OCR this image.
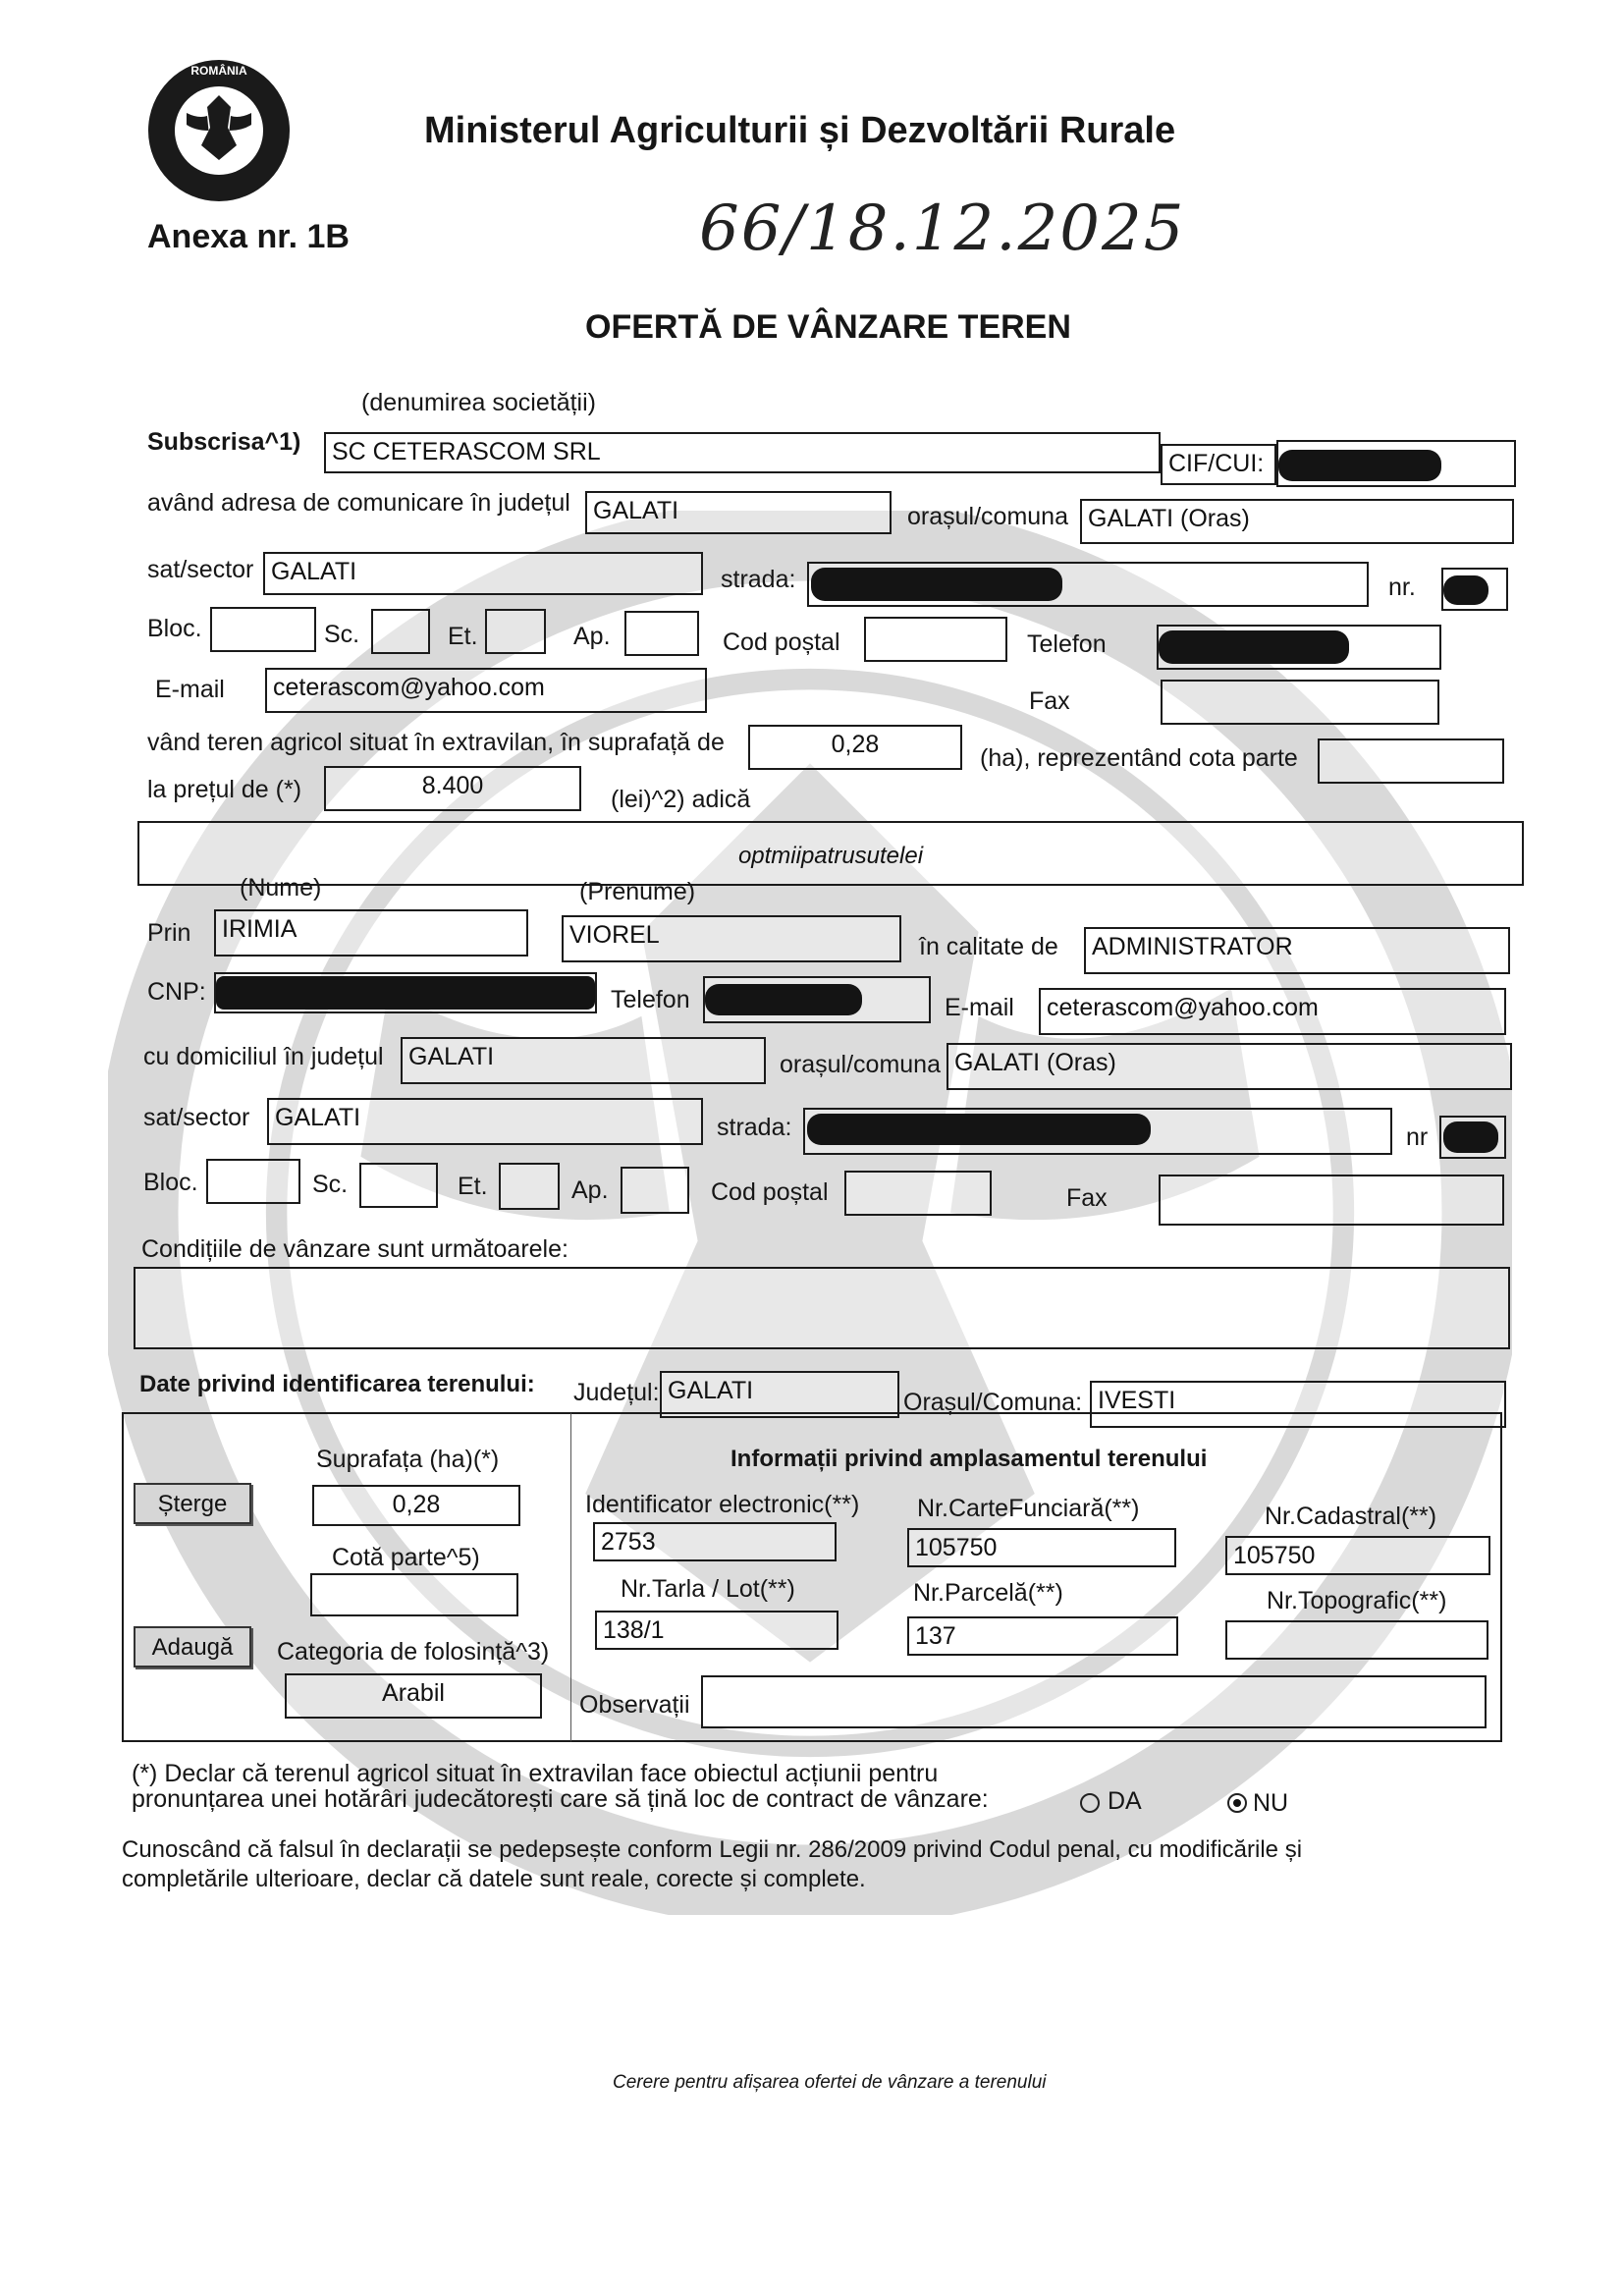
ROMÂNIA
Ministerul Agriculturii și Dezvoltării Rurale
Anexa nr. 1B	66/18.12.2025
OFERTĂ DE VÂNZARE TEREN
(denumirea societății)
Subscrisa^1)	SC CETERASCOM SRL	CIF/CUI:
având adresa de comunicare în județul GALATI	orașul/comuna GALATI (Oras)
sat/sector GALATI	strada:	nr.
Bloc.	Sc.	Et.	Ap.	Cod poștal	Telefon
E-mail	ceterascom@yahoo.com	Fax
vând teren agricol situat în extravilan, în suprafață de	0,28	(ha), reprezentând cota parte
la prețul de (*)	8.400	(lei)^2) adică
optmiipatrusutelei
(Nume)	(Prenume)
Prin	IRIMIA	VIOREL	în calitate de	ADMINISTRATOR
CNP:	Telefon	E-mail	ceterascom@yahoo.com
cu domiciliul în județul	GALATI	orașul/comuna GALATI (Oras)
sat/sector	GALATI	strada:	nr
Bloc.	Sc.	Et.	Ap.	Cod poștal	Fax
Condițiile de vânzare sunt următoarele:
Date privind identificarea terenului: Județul: GALATI	Orașul/Comuna: IVESTI
Suprafața (ha)(*)
Șterge	0,28
Cotă parte^5)
Adaugă	Categoria de folosință^3)
Arabil
Informații privind amplasamentul terenului
Identificator electronic(**)
2753
Nr.CarteFunciară(**)
105750
Nr.Cadastral(**)
105750
Nr.Tarla / Lot(**)
138/1
Nr.Parcelă(**)
137
Nr.Topografic(**)
Observații
(*) Declar că terenul agricol situat în extravilan face obiectul acțiunii pentru
pronunțarea unei hotărâri judecătorești care să țină loc de contract de vânzare:	DA	NU
Cunoscând că falsul în declarații se pedepsește conform Legii nr. 286/2009 privind Codul penal, cu modificările și
completările ulterioare, declar că datele sunt reale, corecte și complete.
Cerere pentru afișarea ofertei de vânzare a terenului
